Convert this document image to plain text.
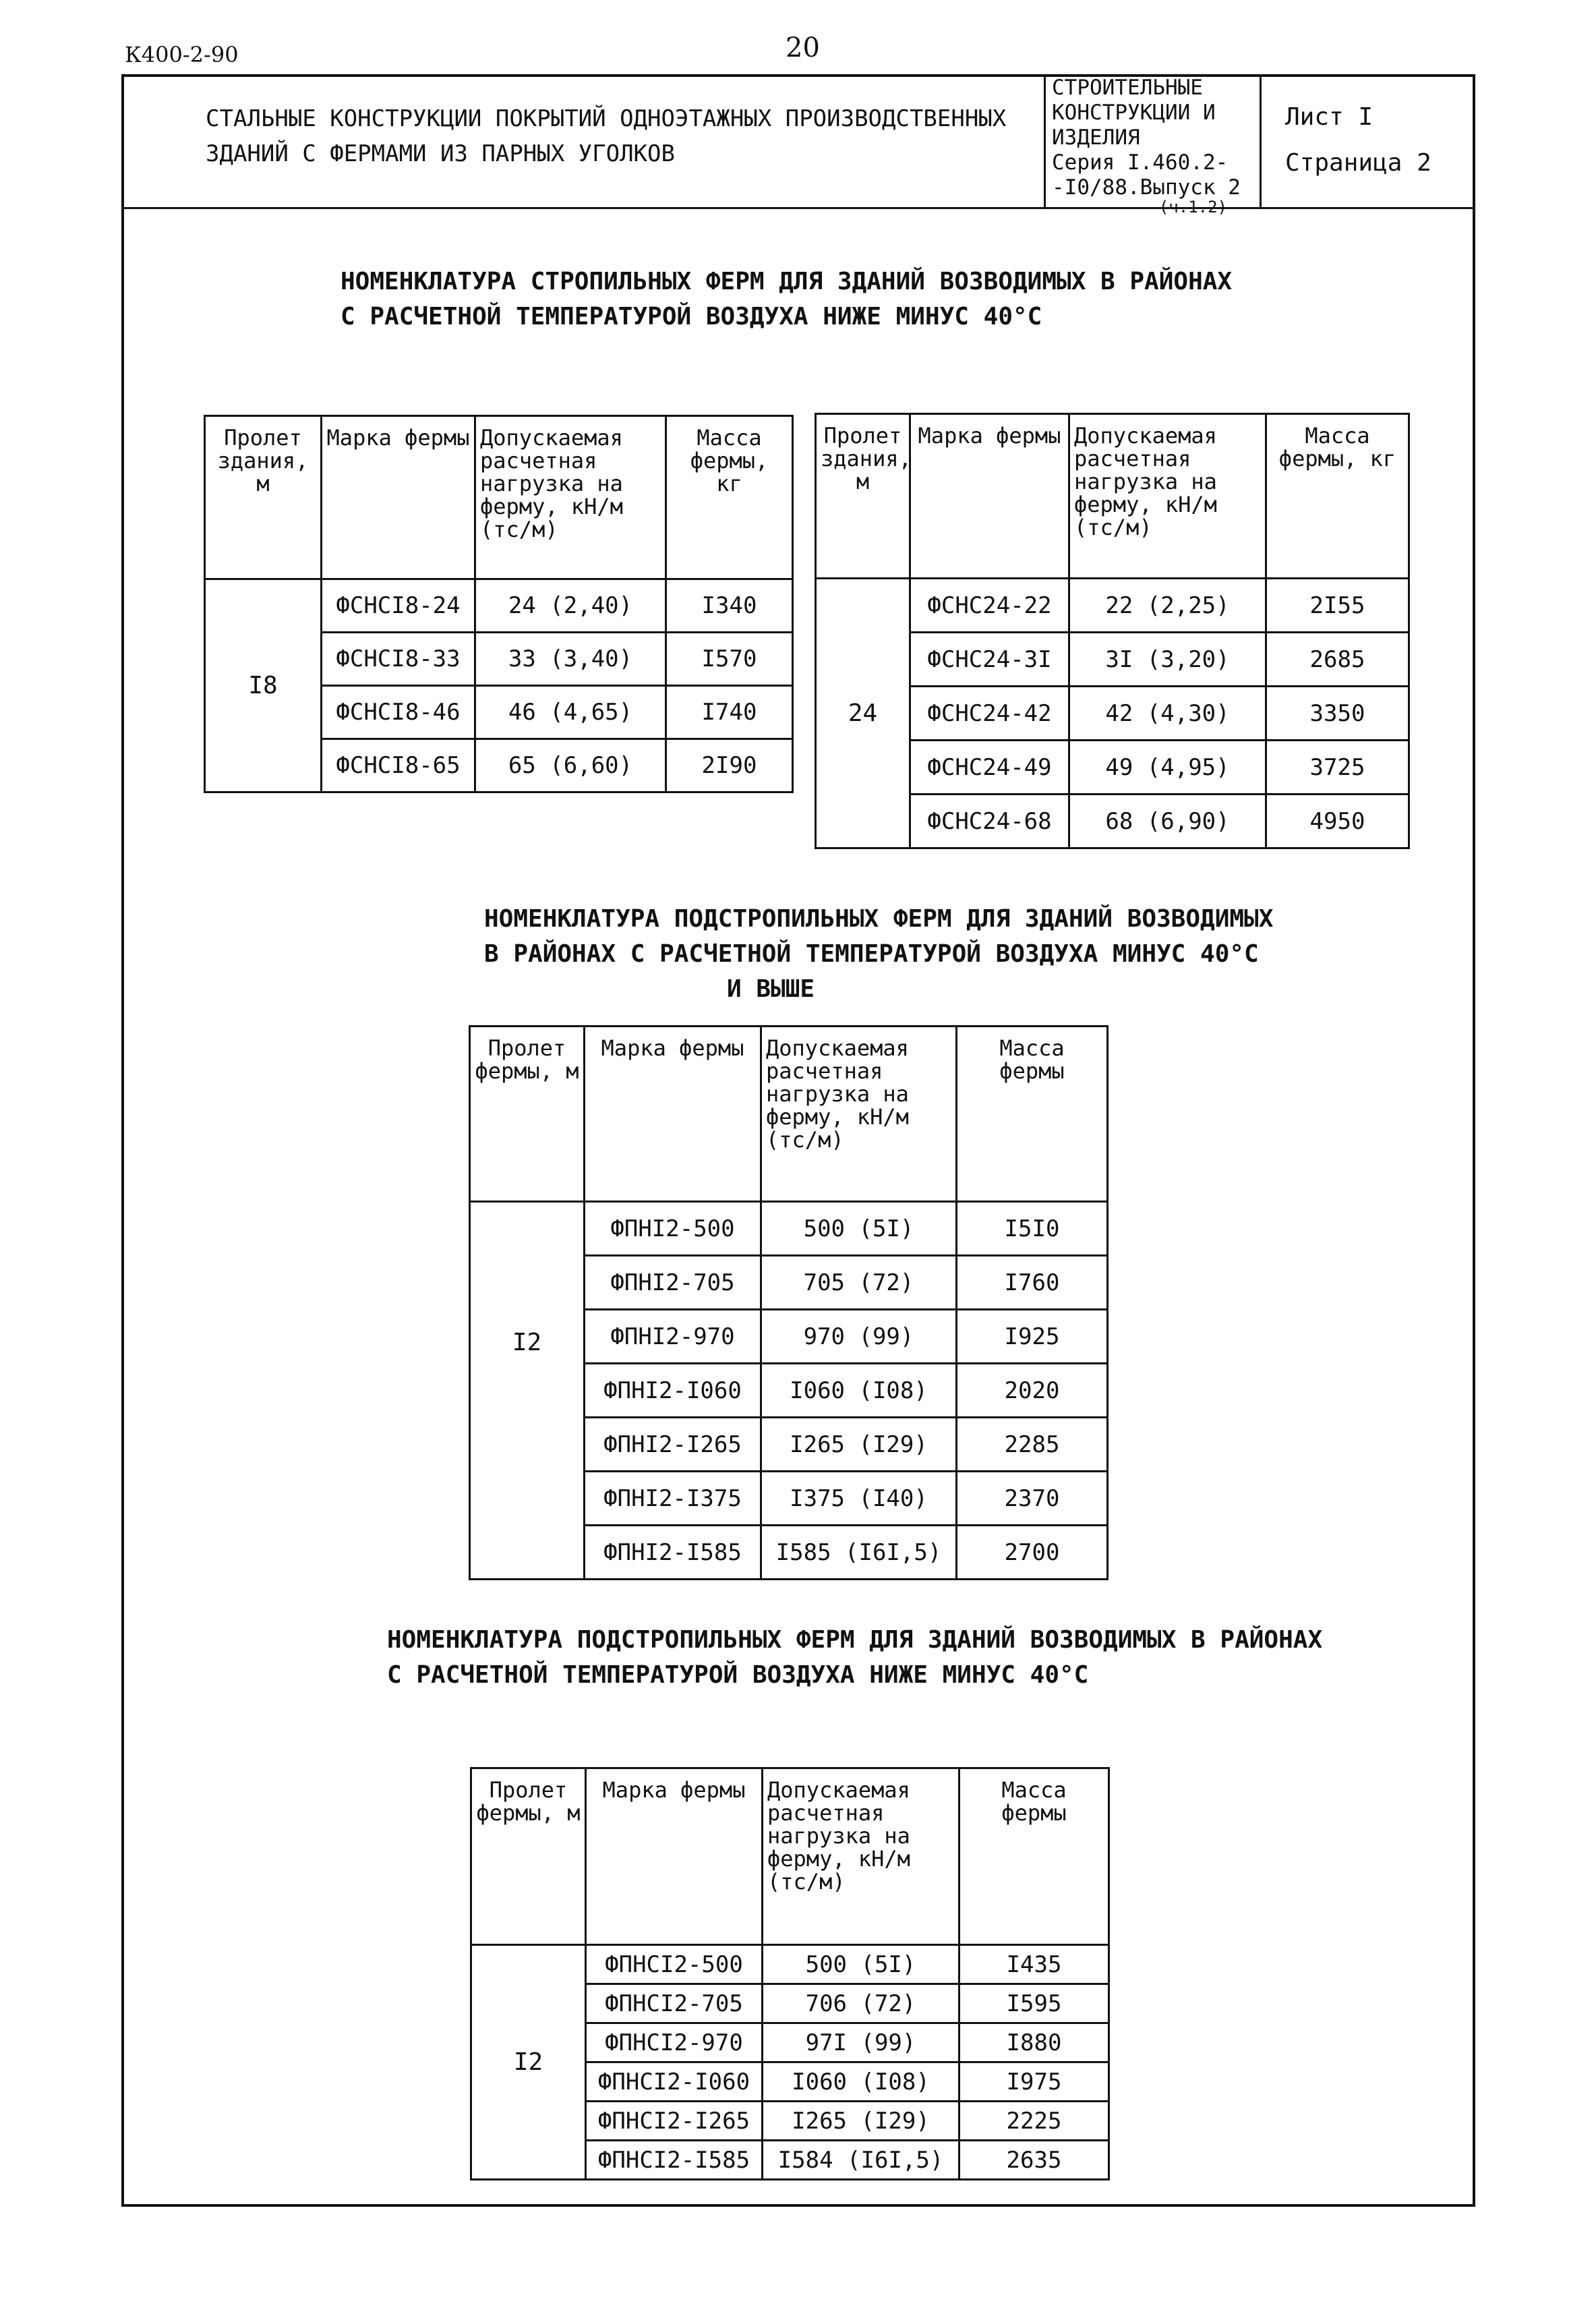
К400-2-90	20
СТАЛЬНЫЕ КОНСТРУКЦИИ ПОКРЫТИЙ ОДНОЭТАЖНЫХ ПРОИЗВОДСТВЕННЫХ
ЗДАНИЙ С ФЕРМАМИ ИЗ ПАРНЫХ УГОЛКОВ
СТРОИТЕЛЬНЫЕ
КОНСТРУКЦИИ И
ИЗДЕЛИЯ
Серия I.460.2-
-I0/88.Выпуск 2
(ч.1.2)
Лист I
Страница 2
НОМЕНКЛАТУРА СТРОПИЛЬНЫХ ФЕРМ ДЛЯ ЗДАНИЙ ВОЗВОДИМЫХ В РАЙОНАХ
С РАСЧЕТНОЙ ТЕМПЕРАТУРОЙ ВОЗДУХА НИЖЕ МИНУС 40°С
Пролет здания, м	Марка фермы	Допускаемая расчетная нагрузка на ферму, кН/м (тс/м)	Масса фермы, кг
I8	ФСНСI8-24	24 (2,40)	I340
	ФСНСI8-33	33 (3,40)	I570
	ФСНСI8-46	46 (4,65)	I740
	ФСНСI8-65	65 (6,60)	2I90
Пролет здания, м	Марка фермы	Допускаемая расчетная нагрузка на ферму, кН/м (тс/м)	Масса фермы, кг
24	ФСНС24-22	22 (2,25)	2I55
	ФСНС24-3I	3I (3,20)	2685
	ФСНС24-42	42 (4,30)	3350
	ФСНС24-49	49 (4,95)	3725
	ФСНС24-68	68 (6,90)	4950
НОМЕНКЛАТУРА ПОДСТРОПИЛЬНЫХ ФЕРМ ДЛЯ ЗДАНИЙ ВОЗВОДИМЫХ
В РАЙОНАХ С РАСЧЕТНОЙ ТЕМПЕРАТУРОЙ ВОЗДУХА МИНУС 40°С
И ВЫШЕ
Пролет фермы, м	Марка фермы	Допускаемая расчетная нагрузка на ферму, кН/м (тс/м)	Масса фермы
I2	ФПНI2-500	500 (5I)	I5I0
	ФПНI2-705	705 (72)	I760
	ФПНI2-970	970 (99)	I925
	ФПНI2-I060	I060 (I08)	2020
	ФПНI2-I265	I265 (I29)	2285
	ФПНI2-I375	I375 (I40)	2370
	ФПНI2-I585	I585 (I6I,5)	2700
НОМЕНКЛАТУРА ПОДСТРОПИЛЬНЫХ ФЕРМ ДЛЯ ЗДАНИЙ ВОЗВОДИМЫХ В РАЙОНАХ
С РАСЧЕТНОЙ ТЕМПЕРАТУРОЙ ВОЗДУХА НИЖЕ МИНУС 40°С
Пролет фермы, м	Марка фермы	Допускаемая расчетная нагрузка на ферму, кН/м (тс/м)	Масса фермы
I2	ФПНСI2-500	500 (5I)	I435
	ФПНСI2-705	706 (72)	I595
	ФПНСI2-970	97I (99)	I880
	ФПНСI2-I060	I060 (I08)	I975
	ФПНСI2-I265	I265 (I29)	2225
	ФПНСI2-I585	I584 (I6I,5)	2635
